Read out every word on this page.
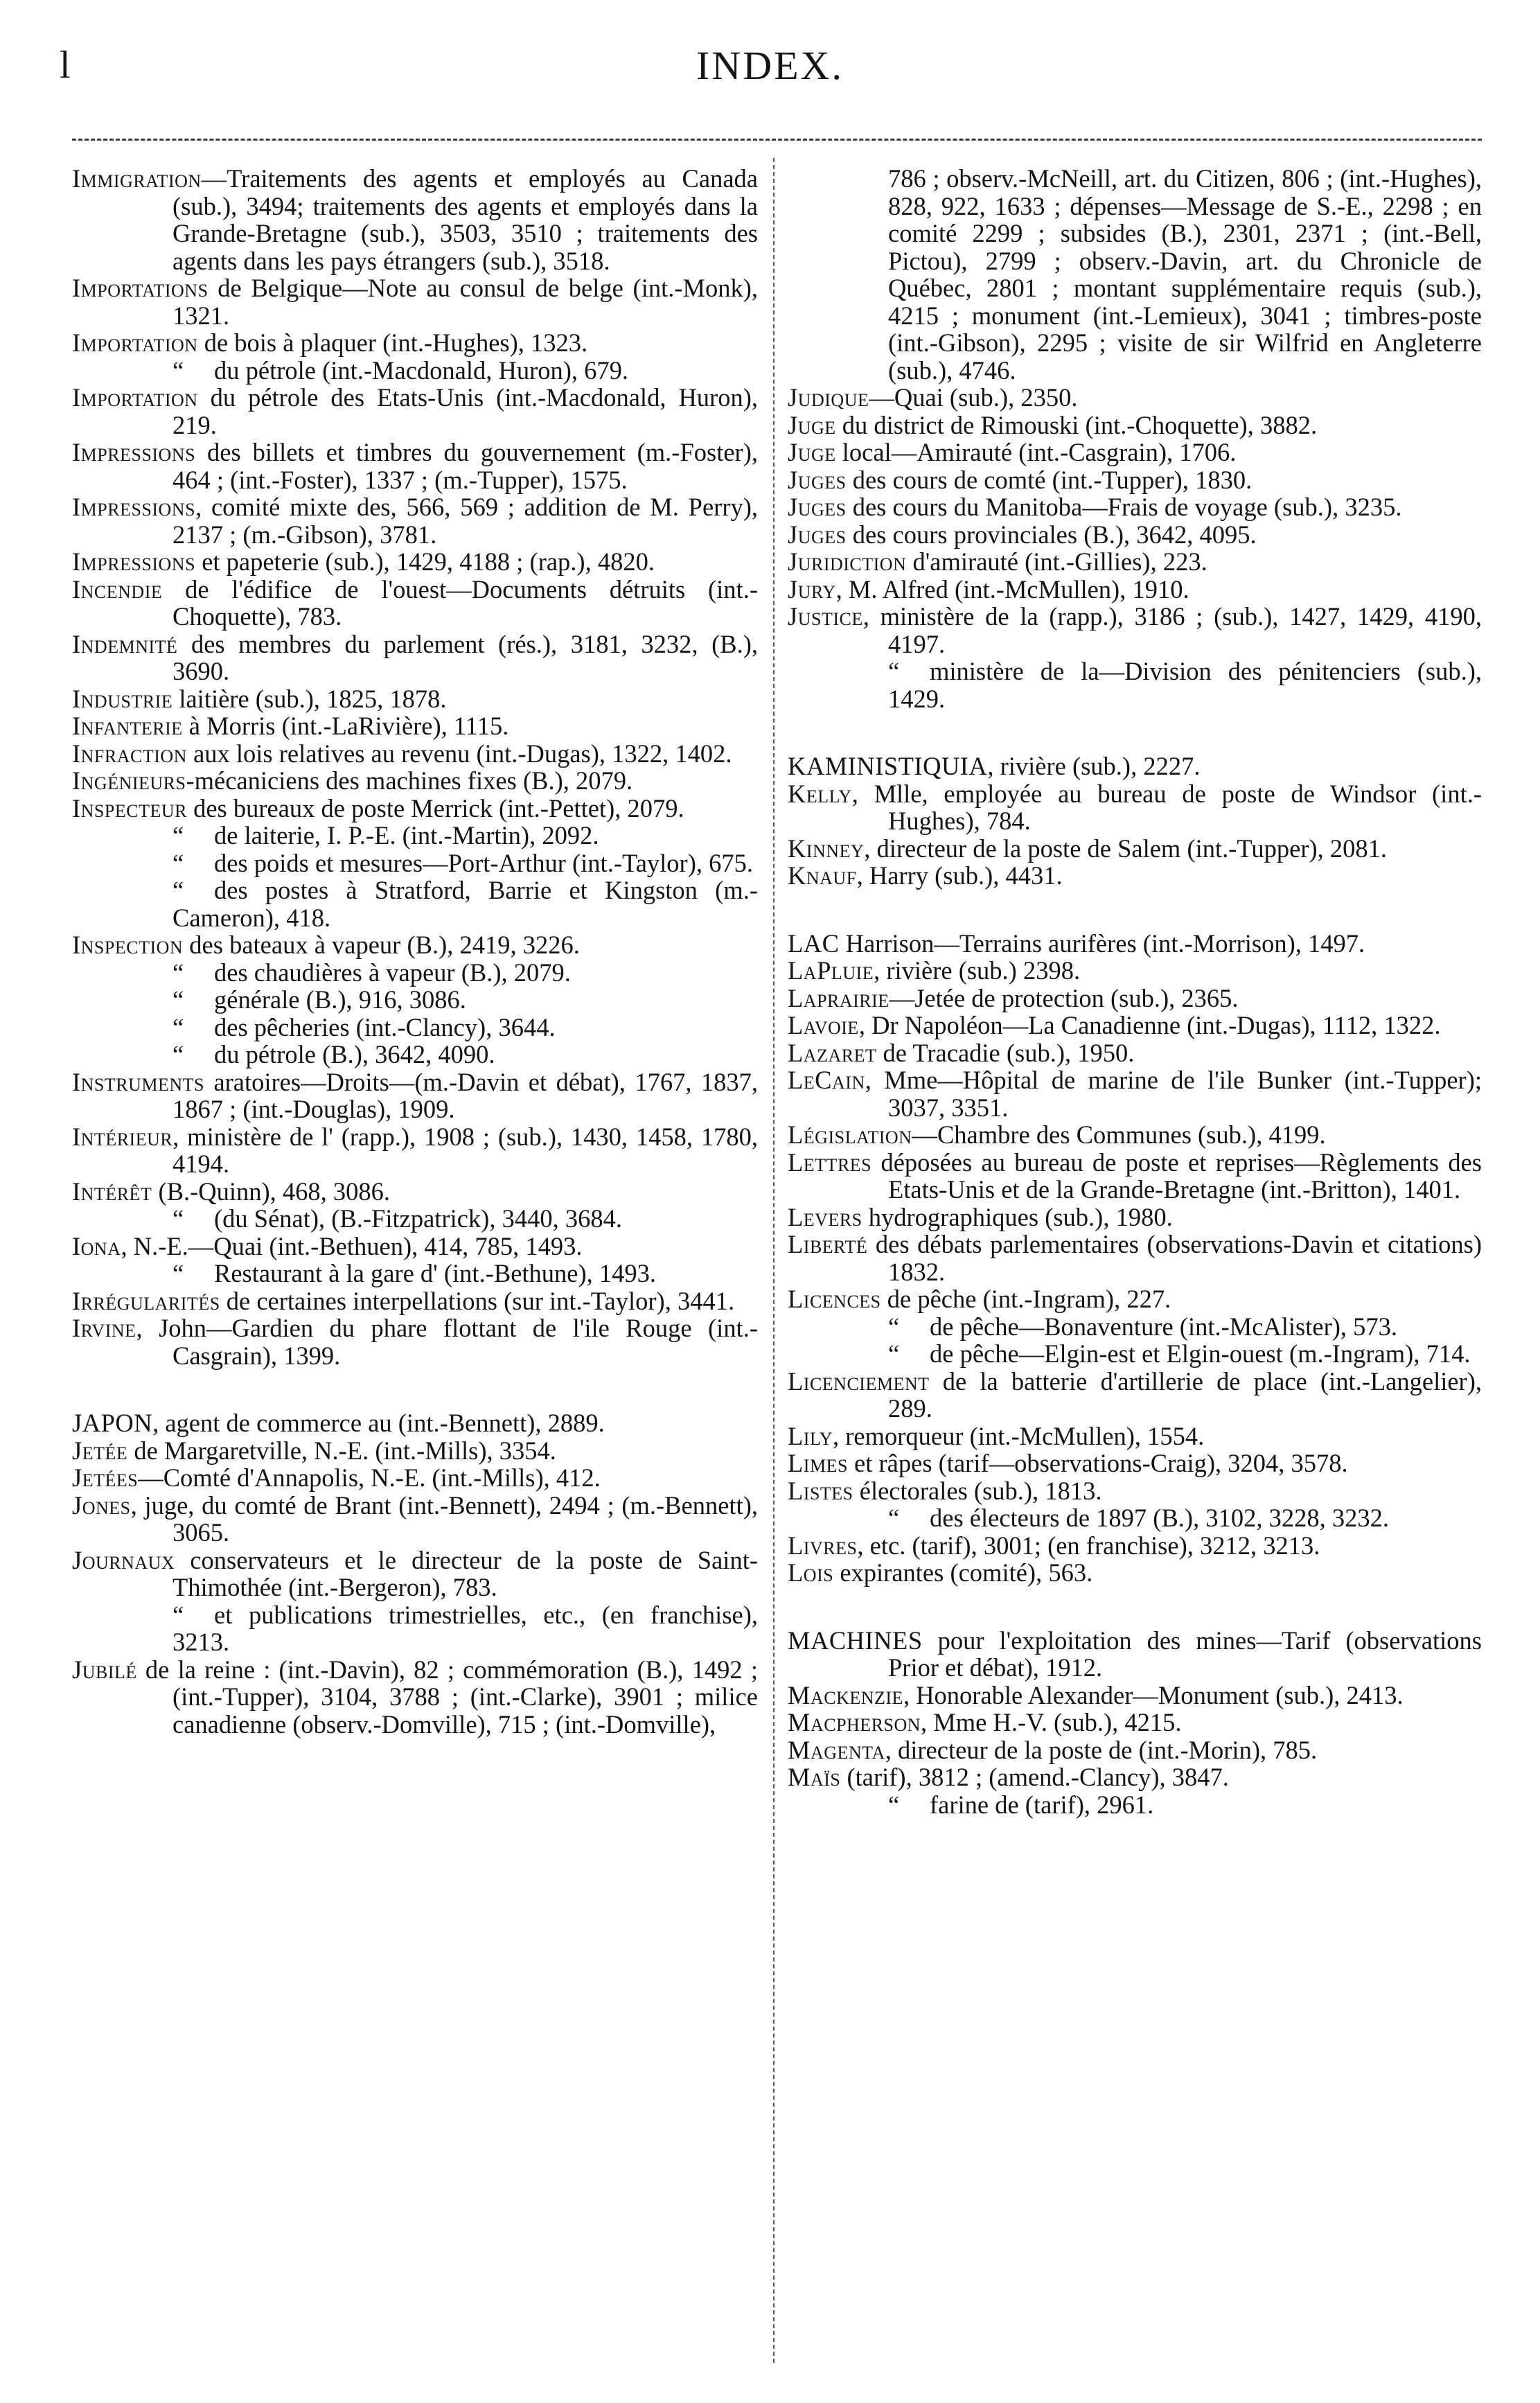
l	INDEX.

Immigration—Traitements des agents et employés au Canada (sub.), 3494; traitements des agents et employés dans la Grande-Bretagne (sub.), 3503, 3510 ; traitements des agents dans les pays étrangers (sub.), 3518.

Importations de Belgique—Note au consul de belge (int.-Monk), 1321.

Importation de bois à plaquer (int.-Hughes), 1323.

“ du pétrole (int.-Macdonald, Huron), 679.

Importation du pétrole des Etats-Unis (int.-Macdonald, Huron), 219.

Impressions des billets et timbres du gouvernement (m.-Foster), 464 ; (int.-Foster), 1337 ; (m.-Tupper), 1575.

Impressions, comité mixte des, 566, 569 ; addition de M. Perry), 2137 ; (m.-Gibson), 3781.

Impressions et papeterie (sub.), 1429, 4188 ; (rap.), 4820.

Incendie de l'édifice de l'ouest—Documents détruits (int.-Choquette), 783.

Indemnité des membres du parlement (rés.), 3181, 3232, (B.), 3690.

Industrie laitière (sub.), 1825, 1878.

Infanterie à Morris (int.-LaRivière), 1115.

Infraction aux lois relatives au revenu (int.-Dugas), 1322, 1402.

Ingénieurs-mécaniciens des machines fixes (B.), 2079.

Inspecteur des bureaux de poste Merrick (int.-Pettet), 2079.

“ de laiterie, I. P.-E. (int.-Martin), 2092.

“ des poids et mesures—Port-Arthur (int.-Taylor), 675.

“ des postes à Stratford, Barrie et Kingston (m.-Cameron), 418.

Inspection des bateaux à vapeur (B.), 2419, 3226.

“ des chaudières à vapeur (B.), 2079.

“ générale (B.), 916, 3086.

“ des pêcheries (int.-Clancy), 3644.

“ du pétrole (B.), 3642, 4090.

Instruments aratoires—Droits—(m.-Davin et débat), 1767, 1837, 1867 ; (int.-Douglas), 1909.

Intérieur, ministère de l' (rapp.), 1908 ; (sub.), 1430, 1458, 1780, 4194.

Intérêt (B.-Quinn), 468, 3086.

“ (du Sénat), (B.-Fitzpatrick), 3440, 3684.

Iona, N.-E.—Quai (int.-Bethuen), 414, 785, 1493.

“ Restaurant à la gare d' (int.-Bethune), 1493.

Irrégularités de certaines interpellations (sur int.-Taylor), 3441.

Irvine, John—Gardien du phare flottant de l'ile Rouge (int.-Casgrain), 1399.

JAPON, agent de commerce au (int.-Bennett), 2889.

Jetée de Margaretville, N.-E. (int.-Mills), 3354.

Jetées—Comté d'Annapolis, N.-E. (int.-Mills), 412.

Jones, juge, du comté de Brant (int.-Bennett), 2494 ; (m.-Bennett), 3065.

Journaux conservateurs et le directeur de la poste de Saint-Thimothée (int.-Bergeron), 783.

“ et publications trimestrielles, etc., (en franchise), 3213.

Jubilé de la reine : (int.-Davin), 82 ; commémoration (B.), 1492 ; (int.-Tupper), 3104, 3788 ; (int.-Clarke), 3901 ; milice canadienne (observ.-Domville), 715 ; (int.-Domville),

786 ; observ.-McNeill, art. du Citizen, 806 ; (int.-Hughes), 828, 922, 1633 ; dépenses—Message de S.-E., 2298 ; en comité 2299 ; subsides (B.), 2301, 2371 ; (int.-Bell, Pictou), 2799 ; observ.-Davin, art. du Chronicle de Québec, 2801 ; montant supplémentaire requis (sub.), 4215 ; monument (int.-Lemieux), 3041 ; timbres-poste (int.-Gibson), 2295 ; visite de sir Wilfrid en Angleterre (sub.), 4746.

Judique—Quai (sub.), 2350.

Juge du district de Rimouski (int.-Choquette), 3882.

Juge local—Amirauté (int.-Casgrain), 1706.

Juges des cours de comté (int.-Tupper), 1830.

Juges des cours du Manitoba—Frais de voyage (sub.), 3235.

Juges des cours provinciales (B.), 3642, 4095.

Juridiction d'amirauté (int.-Gillies), 223.

Jury, M. Alfred (int.-McMullen), 1910.

Justice, ministère de la (rapp.), 3186 ; (sub.), 1427, 1429, 4190, 4197.

“ ministère de la—Division des pénitenciers (sub.), 1429.

KAMINISTIQUIA, rivière (sub.), 2227.

Kelly, Mlle, employée au bureau de poste de Windsor (int.-Hughes), 784.

Kinney, directeur de la poste de Salem (int.-Tupper), 2081.

Knauf, Harry (sub.), 4431.

LAC Harrison—Terrains aurifères (int.-Morrison), 1497.

LaPluie, rivière (sub.) 2398.

Laprairie—Jetée de protection (sub.), 2365.

Lavoie, Dr Napoléon—La Canadienne (int.-Dugas), 1112, 1322.

Lazaret de Tracadie (sub.), 1950.

LeCain, Mme—Hôpital de marine de l'ile Bunker (int.-Tupper); 3037, 3351.

Législation—Chambre des Communes (sub.), 4199.

Lettres déposées au bureau de poste et reprises—Règlements des Etats-Unis et de la Grande-Bretagne (int.-Britton), 1401.

Levers hydrographiques (sub.), 1980.

Liberté des débats parlementaires (observations-Davin et citations) 1832.

Licences de pêche (int.-Ingram), 227.

“ de pêche—Bonaventure (int.-McAlister), 573.

“ de pêche—Elgin-est et Elgin-ouest (m.-Ingram), 714.

Licenciement de la batterie d'artillerie de place (int.-Langelier), 289.

Lily, remorqueur (int.-McMullen), 1554.

Limes et râpes (tarif—observations-Craig), 3204, 3578.

Listes électorales (sub.), 1813.

“ des électeurs de 1897 (B.), 3102, 3228, 3232.

Livres, etc. (tarif), 3001; (en franchise), 3212, 3213.

Lois expirantes (comité), 563.

MACHINES pour l'exploitation des mines—Tarif (observations Prior et débat), 1912.

Mackenzie, Honorable Alexander—Monument (sub.), 2413.

Macpherson, Mme H.-V. (sub.), 4215.

Magenta, directeur de la poste de (int.-Morin), 785.

Maïs (tarif), 3812 ; (amend.-Clancy), 3847.

“ farine de (tarif), 2961.
